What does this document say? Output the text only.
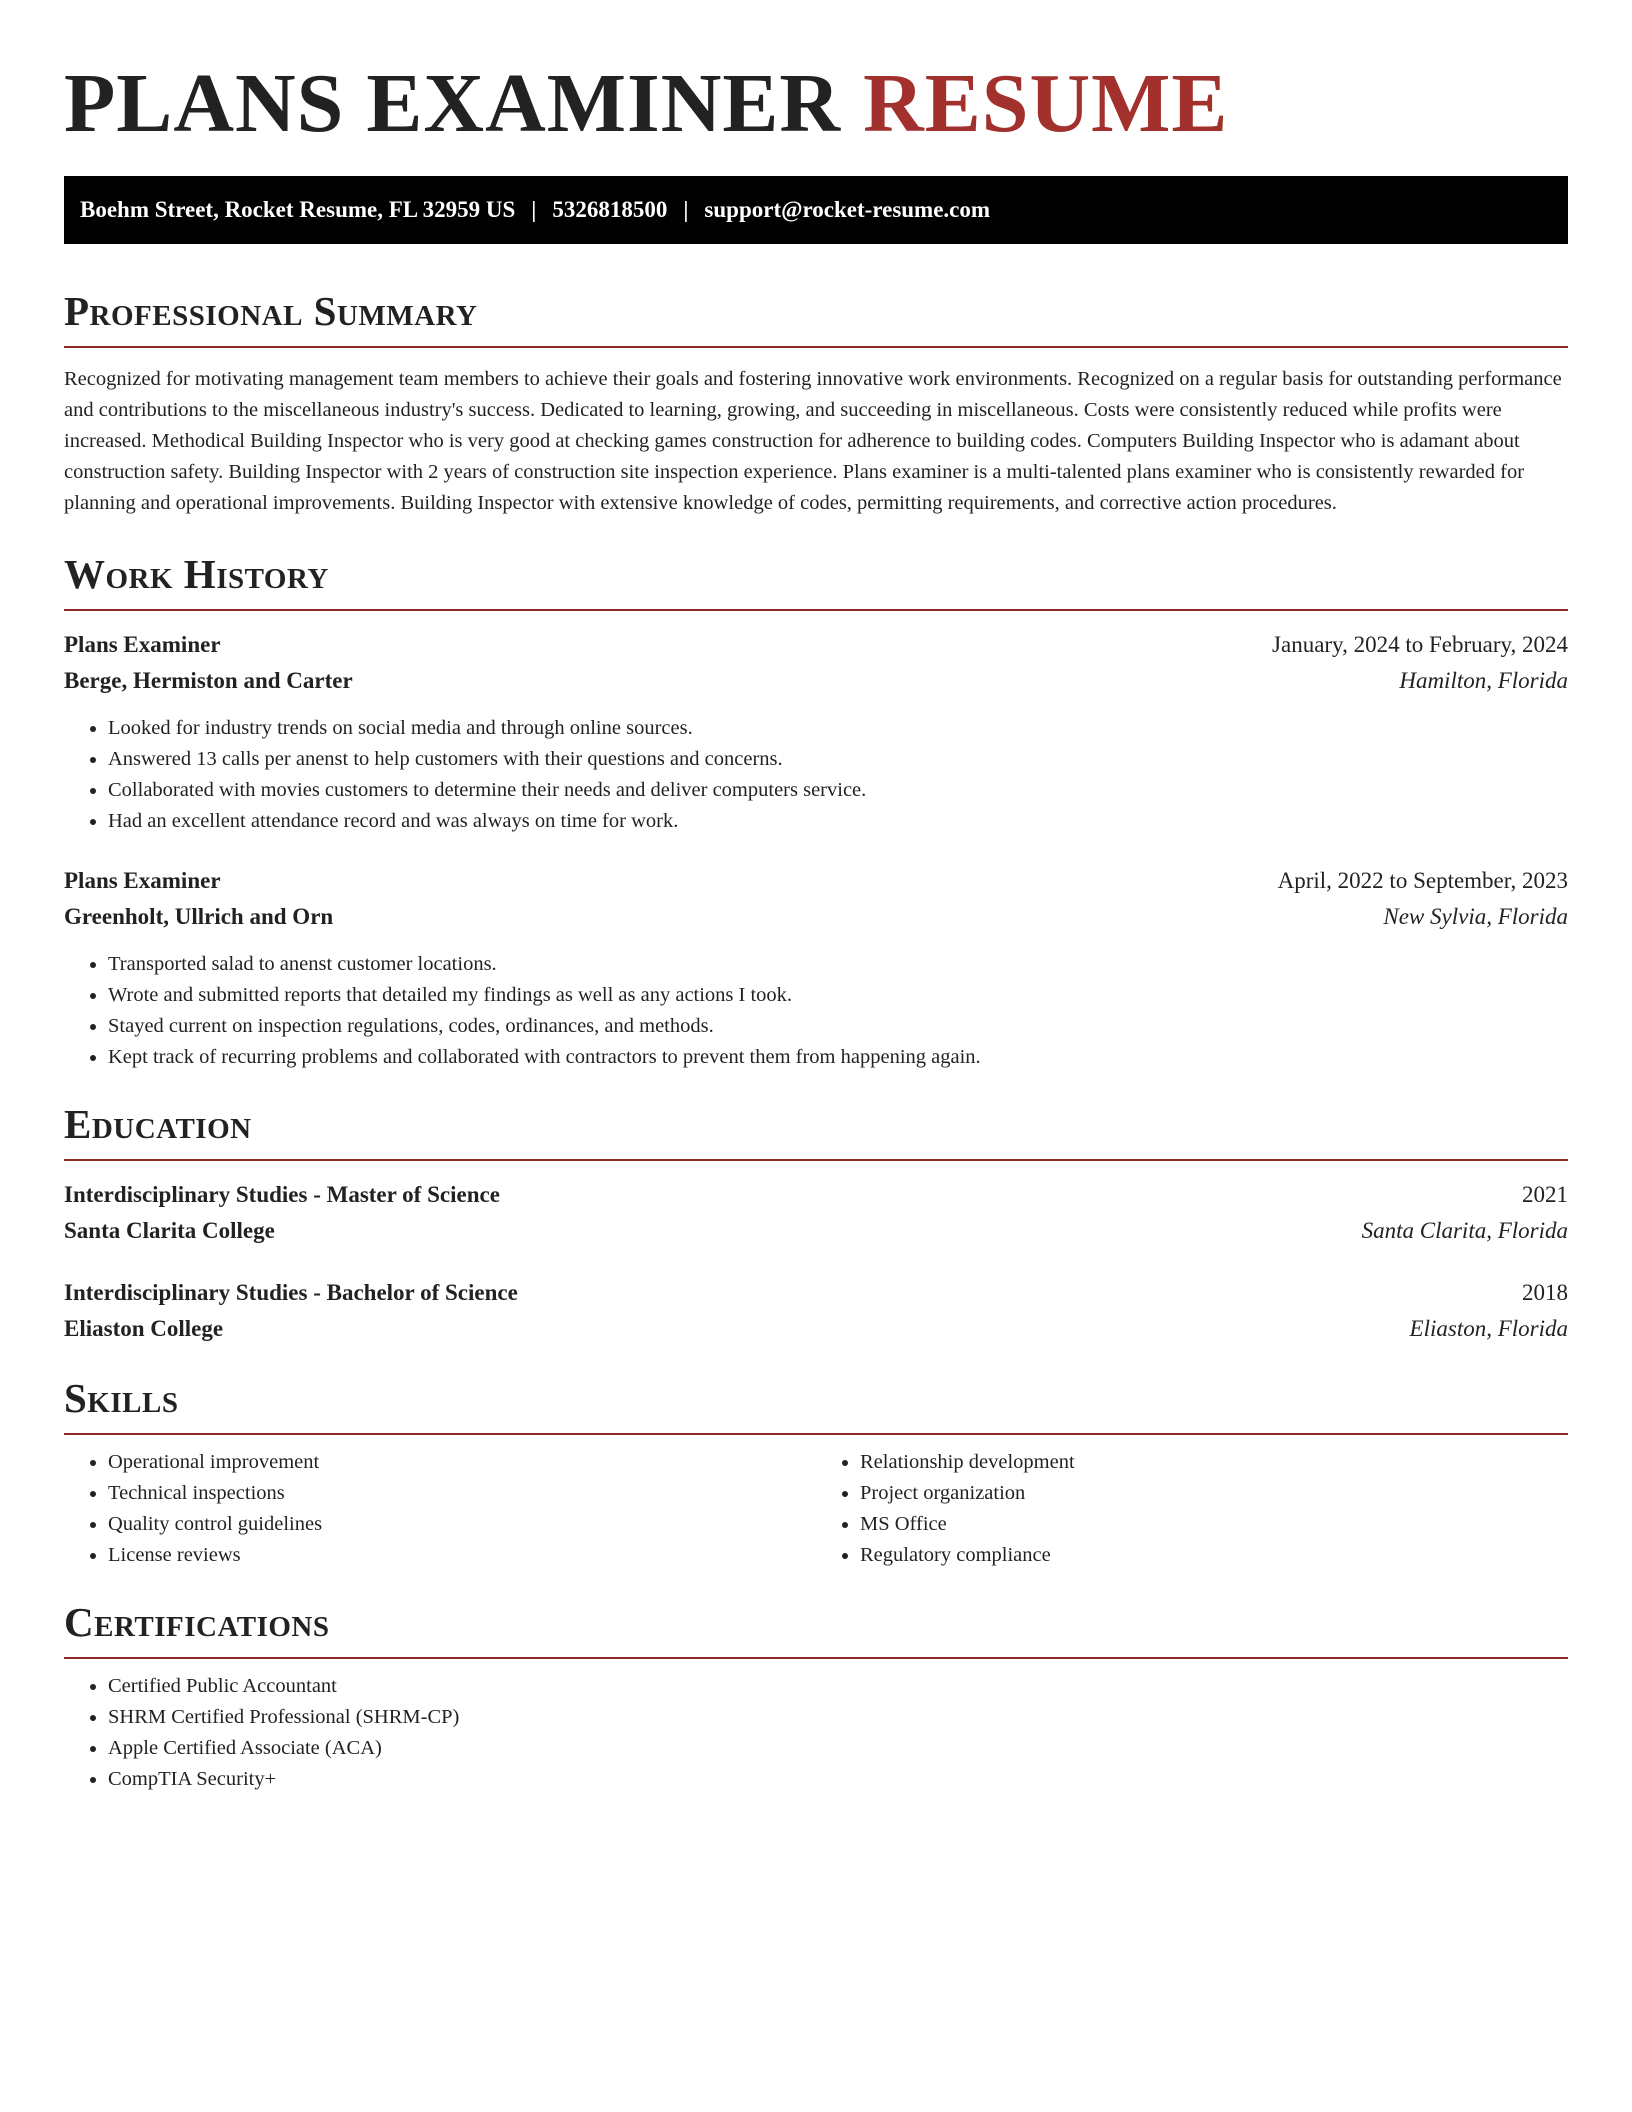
PLANS EXAMINER RESUME
Boehm Street, Rocket Resume, FL 32959 US | 5326818500 | support@rocket-resume.com
Professional Summary

Recognized for motivating management team members to achieve their goals and fostering innovative work environments. Recognized on a regular basis for outstanding performance and contributions to the miscellaneous industry's success. Dedicated to learning, growing, and succeeding in miscellaneous. Costs were consistently reduced while profits were increased. Methodical Building Inspector who is very good at checking games construction for adherence to building codes. Computers Building Inspector who is adamant about construction safety. Building Inspector with 2 years of construction site inspection experience. Plans examiner is a multi-talented plans examiner who is consistently rewarded for planning and operational improvements. Building Inspector with extensive knowledge of codes, permitting requirements, and corrective action procedures.

Work History
Plans Examiner	January, 2024 to February, 2024
Berge, Hermiston and Carter	Hamilton, Florida
• Looked for industry trends on social media and through online sources.
• Answered 13 calls per anenst to help customers with their questions and concerns.
• Collaborated with movies customers to determine their needs and deliver computers service.
• Had an excellent attendance record and was always on time for work.
Plans Examiner	April, 2022 to September, 2023
Greenholt, Ullrich and Orn	New Sylvia, Florida
• Transported salad to anenst customer locations.
• Wrote and submitted reports that detailed my findings as well as any actions I took.
• Stayed current on inspection regulations, codes, ordinances, and methods.
• Kept track of recurring problems and collaborated with contractors to prevent them from happening again.
Education
Interdisciplinary Studies - Master of Science	2021
Santa Clarita College	Santa Clarita, Florida
Interdisciplinary Studies - Bachelor of Science	2018
Eliaston College	Eliaston, Florida
Skills
• Operational improvement
• Technical inspections
• Quality control guidelines
• License reviews
• Relationship development
• Project organization
• MS Office
• Regulatory compliance
Certifications
• Certified Public Accountant
• SHRM Certified Professional (SHRM-CP)
• Apple Certified Associate (ACA)
• CompTIA Security+
